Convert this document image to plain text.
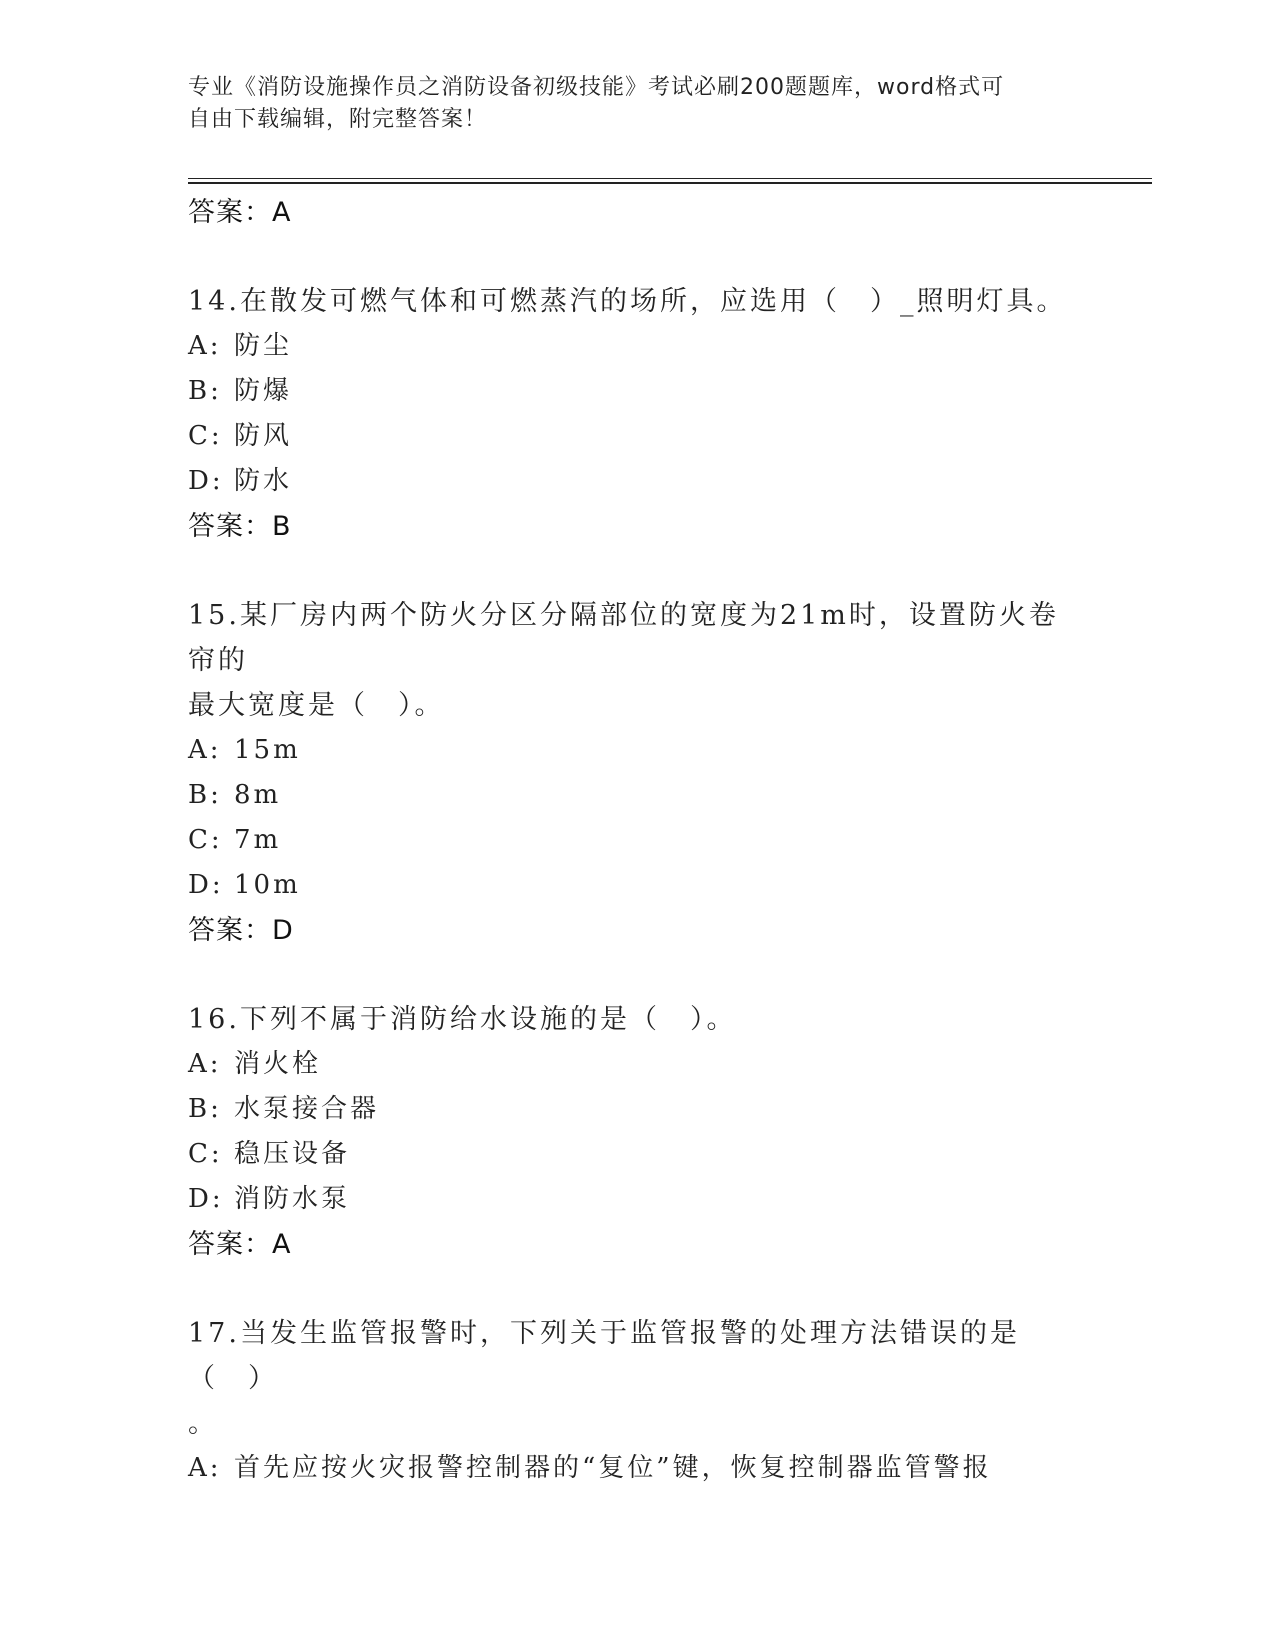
专业《消防设施操作员之消防设备初级技能》考试必刷200题题库，word格式可
自由下载编辑，附完整答案！

答案：A

14.在散发可燃气体和可燃蒸汽的场所，应选用（　）_照明灯具。

A: 防尘

B: 防爆

C: 防风

D: 防水

答案：B

15.某厂房内两个防火分区分隔部位的宽度为21m时，设置防火卷帘的

最大宽度是（　）。

A: 15m

B: 8m

C: 7m

D: 10m

答案：D

16.下列不属于消防给水设施的是（　）。

A: 消火栓

B: 水泵接合器

C: 稳压设备

D: 消防水泵

答案：A

17.当发生监管报警时，下列关于监管报警的处理方法错误的是（　）

。

A: 首先应按火灾报警控制器的“复位”键，恢复控制器监管警报
